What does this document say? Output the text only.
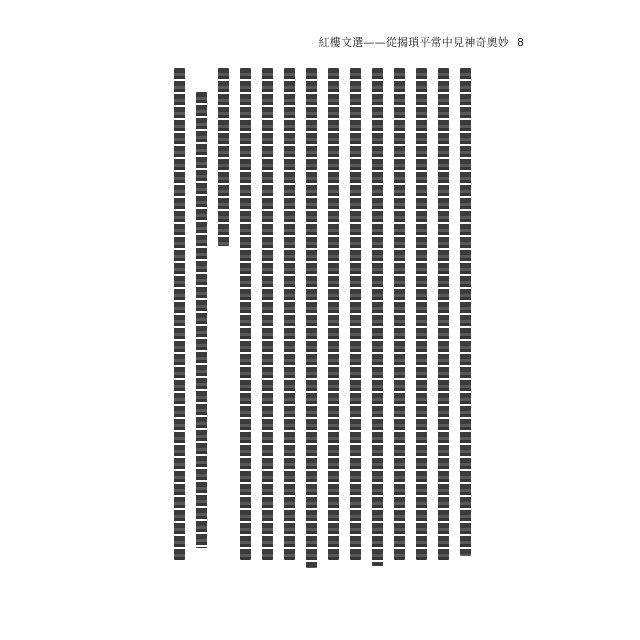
紅樓文選——從揭瑣平常中見神奇奧妙 8
